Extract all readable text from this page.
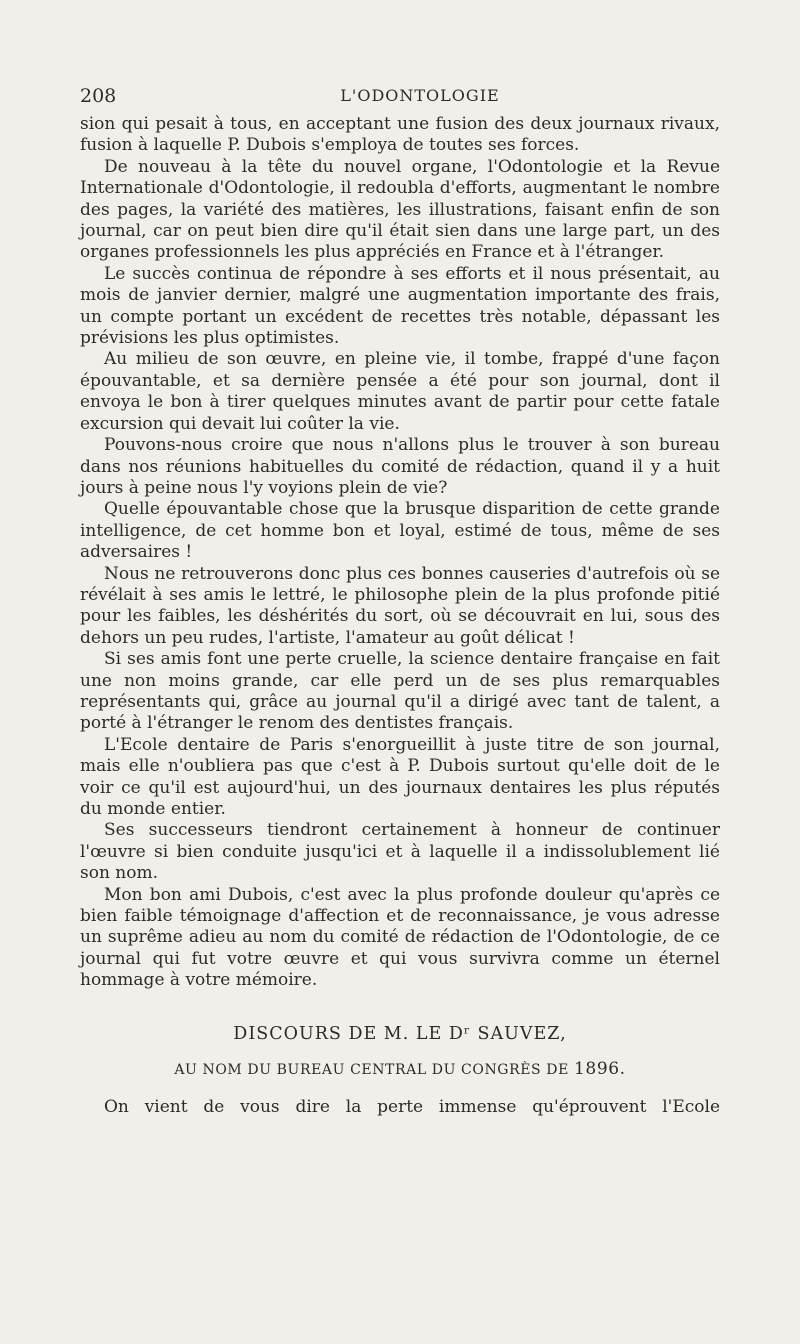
208	L'ODONTOLOGIE

sion qui pesait à tous, en acceptant une fusion des deux journaux rivaux, fusion à laquelle P. Dubois s'employa de toutes ses forces.

De nouveau à la tête du nouvel organe, l'Odontologie et la Revue Internationale d'Odontologie, il redoubla d'efforts, augmentant le nombre des pages, la variété des matières, les illustrations, faisant enfin de son journal, car on peut bien dire qu'il était sien dans une large part, un des organes professionnels les plus appréciés en France et à l'étranger.

Le succès continua de répondre à ses efforts et il nous présentait, au mois de janvier dernier, malgré une augmentation importante des frais, un compte portant un excédent de recettes très notable, dépassant les prévisions les plus optimistes.

Au milieu de son œuvre, en pleine vie, il tombe, frappé d'une façon épouvantable, et sa dernière pensée a été pour son journal, dont il envoya le bon à tirer quelques minutes avant de partir pour cette fatale excursion qui devait lui coûter la vie.

Pouvons-nous croire que nous n'allons plus le trouver à son bureau dans nos réunions habituelles du comité de rédaction, quand il y a huit jours à peine nous l'y voyions plein de vie?

Quelle épouvantable chose que la brusque disparition de cette grande intelligence, de cet homme bon et loyal, estimé de tous, même de ses adversaires !

Nous ne retrouverons donc plus ces bonnes causeries d'autrefois où se révélait à ses amis le lettré, le philosophe plein de la plus profonde pitié pour les faibles, les déshérités du sort, où se découvrait en lui, sous des dehors un peu rudes, l'artiste, l'amateur au goût délicat !

Si ses amis font une perte cruelle, la science dentaire française en fait une non moins grande, car elle perd un de ses plus remarquables représentants qui, grâce au journal qu'il a dirigé avec tant de talent, a porté à l'étranger le renom des dentistes français.

L'Ecole dentaire de Paris s'enorgueillit à juste titre de son journal, mais elle n'oubliera pas que c'est à P. Dubois surtout qu'elle doit de le voir ce qu'il est aujourd'hui, un des journaux dentaires les plus réputés du monde entier.

Ses successeurs tiendront certainement à honneur de continuer l'œuvre si bien conduite jusqu'ici et à laquelle il a indissolublement lié son nom.

Mon bon ami Dubois, c'est avec la plus profonde douleur qu'après ce bien faible témoignage d'affection et de reconnaissance, je vous adresse un suprême adieu au nom du comité de rédaction de l'Odontologie, de ce journal qui fut votre œuvre et qui vous survivra comme un éternel hommage à votre mémoire.

DISCOURS DE M. LE Dʳ SAUVEZ,
AU NOM DU BUREAU CENTRAL DU CONGRÈS DE 1896.

On vient de vous dire la perte immense qu'éprouvent l'Ecole
